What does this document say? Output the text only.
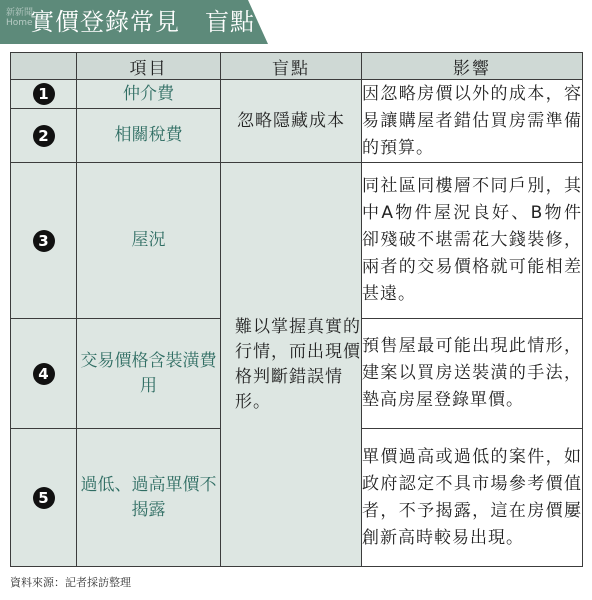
新新聞 Home
實價登錄常見　盲點
	項目	盲點	影響
1	仲介費	忽略隱藏成本	因忽略房價以外的成本，容易讓購屋者錯估買房需準備的預算。
2	相關稅費		
3	屋況	難以掌握真實的行情，而出現價格判斷錯誤情形。	同社區同樓層不同戶別，其中A物件屋況良好、B物件卻殘破不堪需花大錢裝修，兩者的交易價格就可能相差甚遠。
4	交易價格含裝潢費用		預售屋最可能出現此情形，建案以買房送裝潢的手法，墊高房屋登錄單價。
5	過低、過高單價不揭露		單價過高或過低的案件，如政府認定不具市場參考價值者，不予揭露，這在房價屢創新高時較易出現。
資料來源：記者採訪整理
